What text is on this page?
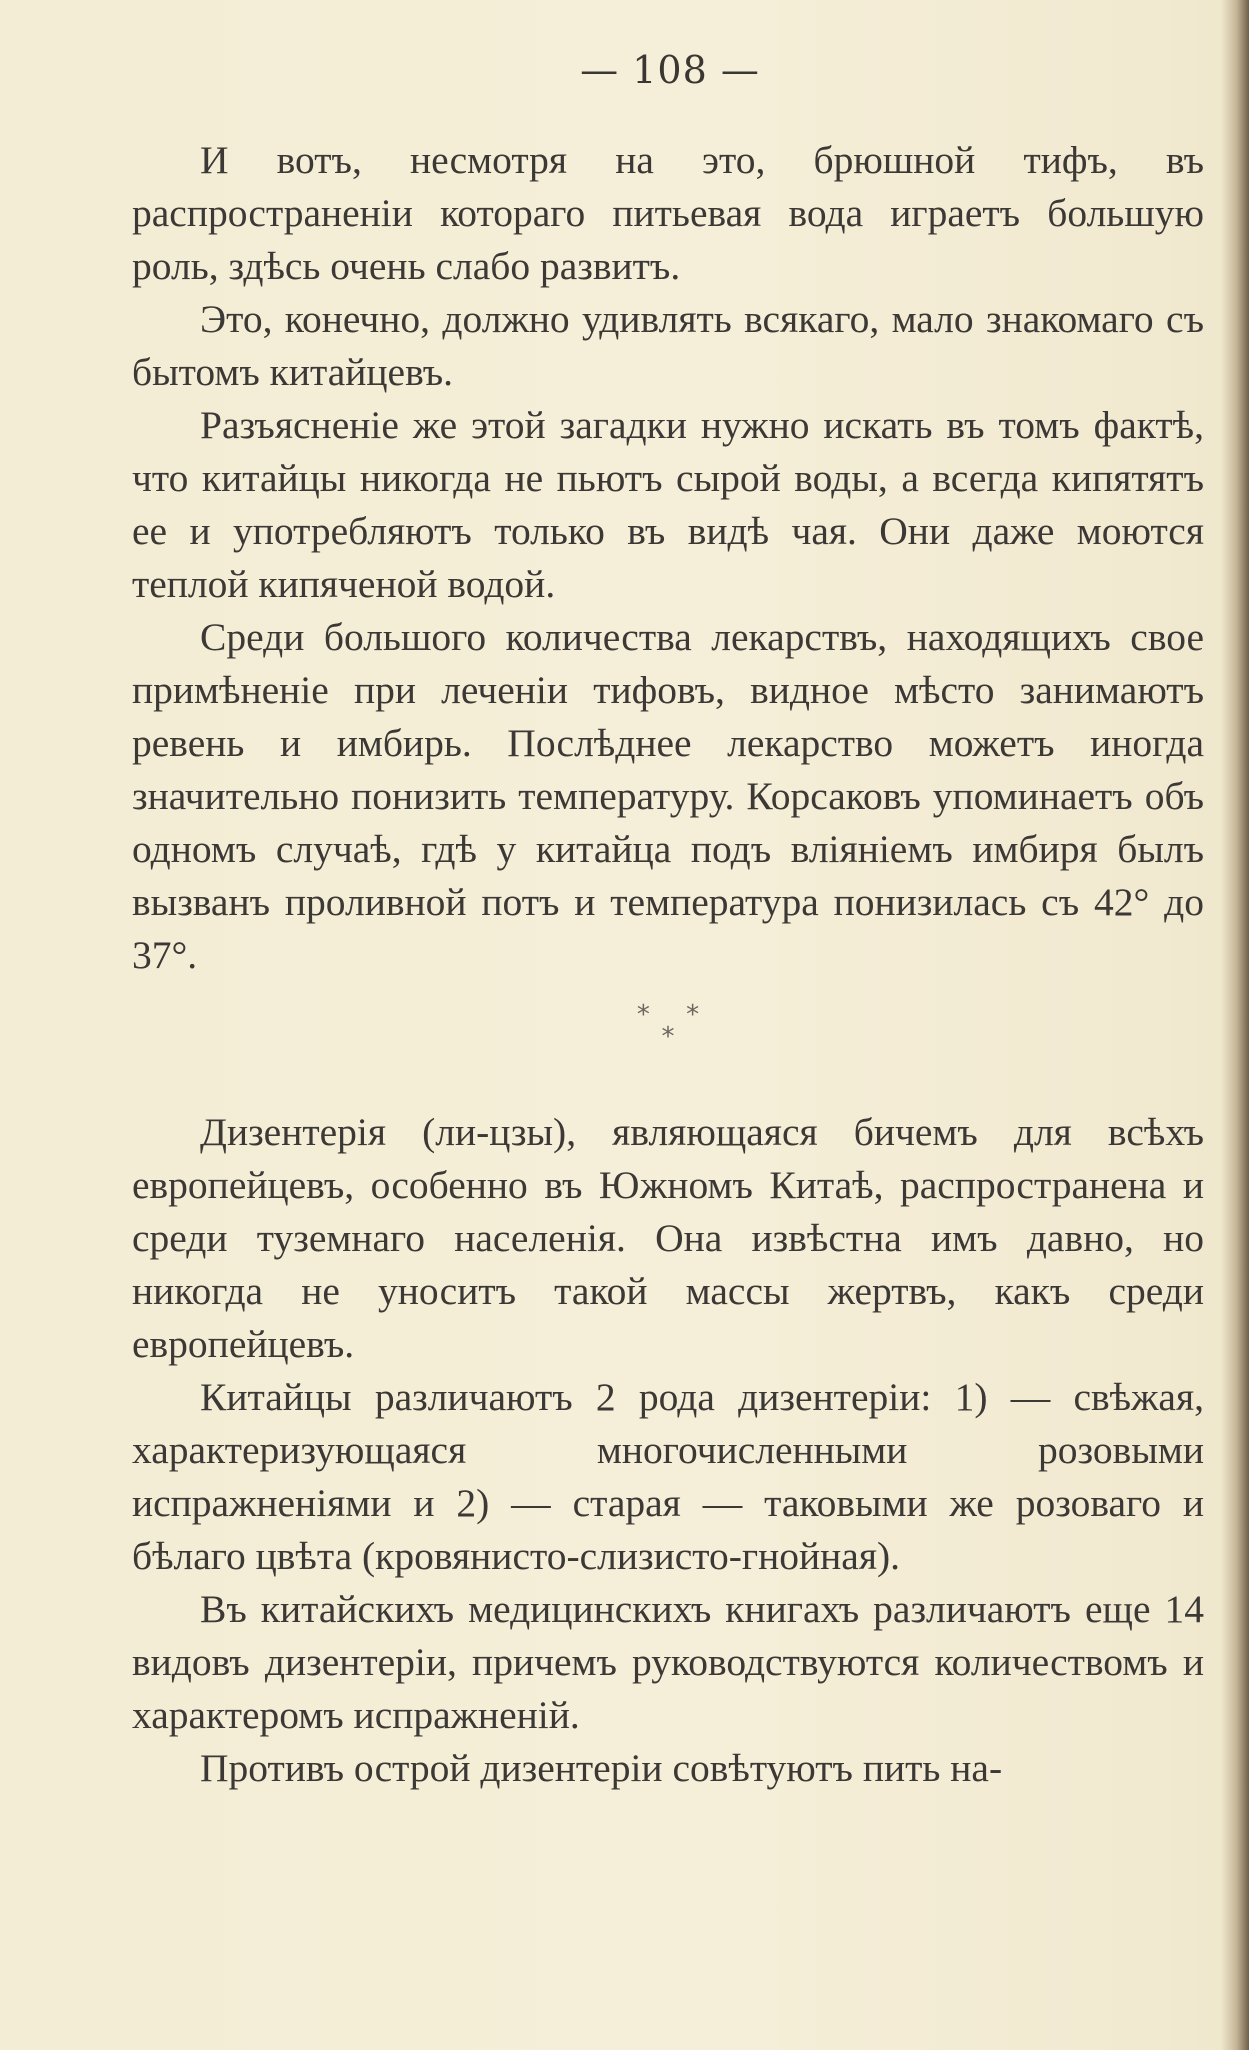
— 108 —

И вотъ, несмотря на это, брюшной тифъ, въ распространенiи котораго питьевая вода играетъ большую роль, здѣсь очень слабо развитъ.

Это, конечно, должно удивлять всякаго, мало знакомаго съ бытомъ китайцевъ.

Разъясненiе же этой загадки нужно искать въ томъ фактѣ, что китайцы никогда не пьютъ сырой воды, а всегда кипятятъ ее и употребляютъ только въ видѣ чая. Они даже моются теплой кипяченой водой.

Среди большого количества лекарствъ, находящихъ свое примѣненiе при леченiи тифовъ, видное мѣсто занимаютъ ревень и имбирь. Послѣднее лекарство можетъ иногда значительно понизить температуру. Корсаковъ упоминаетъ объ одномъ случаѣ, гдѣ у китайца подъ влiянiемъ имбиря былъ вызванъ проливной потъ и температура понизилась съ 42° до 37°.

* *
*

Дизентерiя (ли-цзы), являющаяся бичемъ для всѣхъ европейцевъ, особенно въ Южномъ Китаѣ, распространена и среди туземнаго населенiя. Она извѣстна имъ давно, но никогда не уноситъ такой массы жертвъ, какъ среди европейцевъ.

Китайцы различаютъ 2 рода дизентерiи: 1) — свѣжая, характеризующаяся многочисленными розовыми испражненiями и 2) — старая — таковыми же розоваго и бѣлаго цвѣта (кровянисто-слизисто-гнойная).

Въ китайскихъ медицинскихъ книгахъ различаютъ еще 14 видовъ дизентерiи, причемъ руководствуются количествомъ и характеромъ испражненiй.

Противъ острой дизентерiи совѣтуютъ пить на-
